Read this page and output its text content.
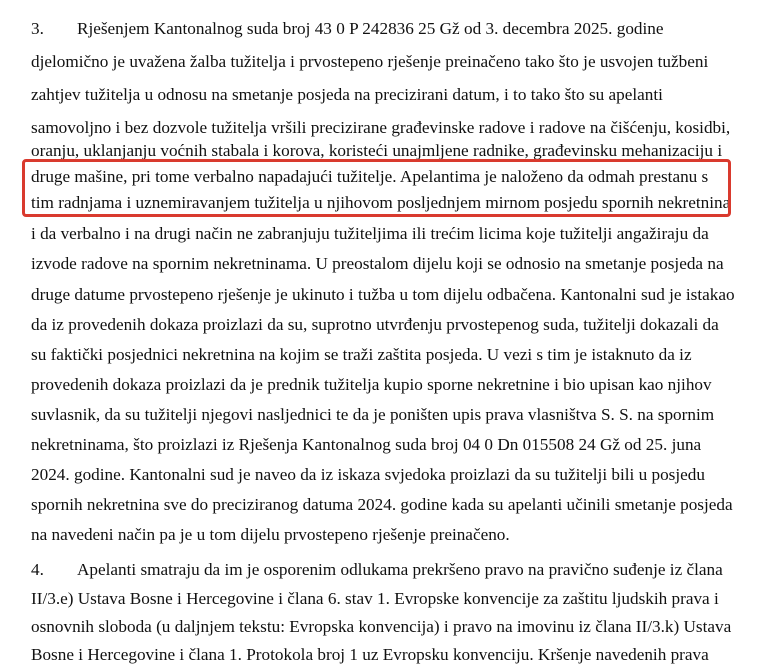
3. Rješenjem Kantonalnog suda broj 43 0 P 242836 25 Gž od 3. decembra 2025. godine
djelomično je uvažena žalba tužitelja i prvostepeno rješenje preinačeno tako što je usvojen tužbeni
zahtjev tužitelja u odnosu na smetanje posjeda na precizirani datum, i to tako što su apelanti
samovoljno i bez dozvole tužitelja vršili precizirane građevinske radove i radove na čišćenju, kosidbi,
oranju, uklanjanju voćnih stabala i korova, koristeći unajmljene radnike, građevinsku mehanizaciju i
druge mašine, pri tome verbalno napadajući tužitelje. Apelantima je naloženo da odmah prestanu s
tim radnjama i uznemiravanjem tužitelja u njihovom posljednjem mirnom posjedu spornih nekretnina
i da verbalno i na drugi način ne zabranjuju tužiteljima ili trećim licima koje tužitelji angažiraju da
izvode radove na spornim nekretninama. U preostalom dijelu koji se odnosio na smetanje posjeda na
druge datume prvostepeno rješenje je ukinuto i tužba u tom dijelu odbačena. Kantonalni sud je istakao
da iz provedenih dokaza proizlazi da su, suprotno utvrđenju prvostepenog suda, tužitelji dokazali da
su faktički posjednici nekretnina na kojim se traži zaštita posjeda. U vezi s tim je istaknuto da iz
provedenih dokaza proizlazi da je prednik tužitelja kupio sporne nekretnine i bio upisan kao njihov
suvlasnik, da su tužitelji njegovi nasljednici te da je poništen upis prava vlasništva S. S. na spornim
nekretninama, što proizlazi iz Rješenja Kantonalnog suda broj 04 0 Dn 015508 24 Gž od 25. juna
2024. godine. Kantonalni sud je naveo da iz iskaza svjedoka proizlazi da su tužitelji bili u posjedu
spornih nekretnina sve do preciziranog datuma 2024. godine kada su apelanti učinili smetanje posjeda
na navedeni način pa je u tom dijelu prvostepeno rješenje preinačeno.
4. Apelanti smatraju da im je osporenim odlukama prekršeno pravo na pravično suđenje iz člana
II/3.e) Ustava Bosne i Hercegovine i člana 6. stav 1. Evropske konvencije za zaštitu ljudskih prava i
osnovnih sloboda (u daljnjem tekstu: Evropska konvencija) i pravo na imovinu iz člana II/3.k) Ustava
Bosne i Hercegovine i člana 1. Protokola broj 1 uz Evropsku konvenciju. Kršenje navedenih prava
